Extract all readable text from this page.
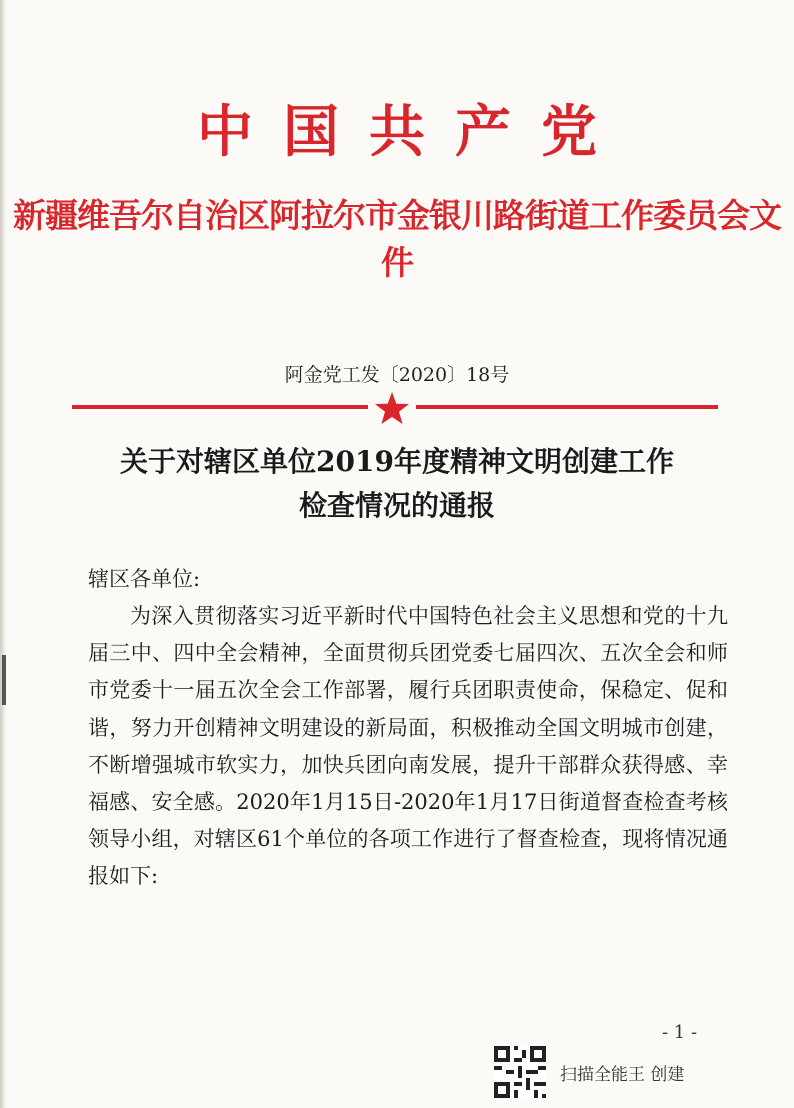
中国共产党
新疆维吾尔自治区阿拉尔市金银川路街道工作委员会文件
阿金党工发〔2020〕18号
关于对辖区单位2019年度精神文明创建工作
检查情况的通报
辖区各单位:

为深入贯彻落实习近平新时代中国特色社会主义思想和党的十九届三中、四中全会精神，全面贯彻兵团党委七届四次、五次全会和师市党委十一届五次全会工作部署，履行兵团职责使命，保稳定、促和谐，努力开创精神文明建设的新局面，积极推动全国文明城市创建，不断增强城市软实力，加快兵团向南发展，提升干部群众获得感、幸福感、安全感。2020年1月15日-2020年1月17日街道督查检查考核领导小组，对辖区61个单位的各项工作进行了督查检查，现将情况通报如下:

- 1 -
扫描全能王 创建
